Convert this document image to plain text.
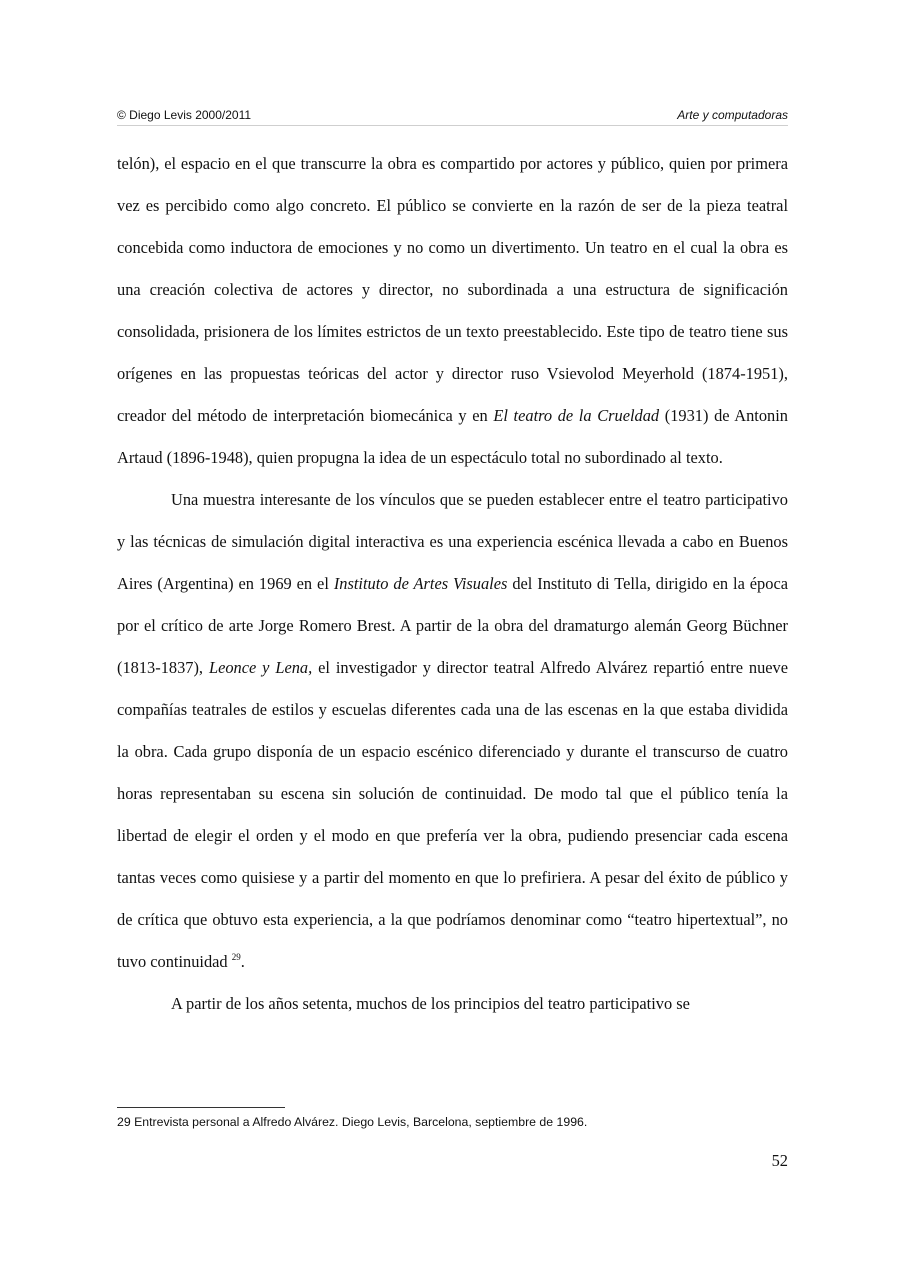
© Diego Levis 2000/2011	Arte y computadoras

telón), el espacio en el que transcurre la obra es compartido por actores y público, quien por primera vez es percibido como algo concreto. El público se convierte en la razón de ser de la pieza teatral concebida como inductora de emociones y no como un divertimento. Un teatro en el cual la obra es una creación colectiva de actores y director, no subordinada a una estructura de significación consolidada, prisionera de los límites estrictos de un texto preestablecido. Este tipo de teatro tiene sus orígenes en las propuestas teóricas del actor y director ruso Vsievolod Meyerhold (1874-1951), creador del método de interpretación biomecánica y en El teatro de la Crueldad (1931) de Antonin Artaud (1896-1948), quien propugna la idea de un espectáculo total no subordinado al texto.

Una muestra interesante de los vínculos que se pueden establecer entre el teatro participativo y las técnicas de simulación digital interactiva es una experiencia escénica llevada a cabo en Buenos Aires (Argentina) en 1969 en el Instituto de Artes Visuales del Instituto di Tella, dirigido en la época por el crítico de arte Jorge Romero Brest. A partir de la obra del dramaturgo alemán Georg Büchner (1813-1837), Leonce y Lena, el investigador y director teatral Alfredo Alvárez repartió entre nueve compañías teatrales de estilos y escuelas diferentes cada una de las escenas en la que estaba dividida la obra. Cada grupo disponía de un espacio escénico diferenciado y durante el transcurso de cuatro horas representaban su escena sin solución de continuidad. De modo tal que el público tenía la libertad de elegir el orden y el modo en que prefería ver la obra, pudiendo presenciar cada escena tantas veces como quisiese y a partir del momento en que lo prefiriera. A pesar del éxito de público y de crítica que obtuvo esta experiencia, a la que podríamos denominar como “teatro hipertextual”, no tuvo continuidad $^{29}$.

A partir de los años setenta, muchos de los principios del teatro participativo se

29 Entrevista personal a Alfredo Alvárez. Diego Levis, Barcelona, septiembre de 1996.
52
